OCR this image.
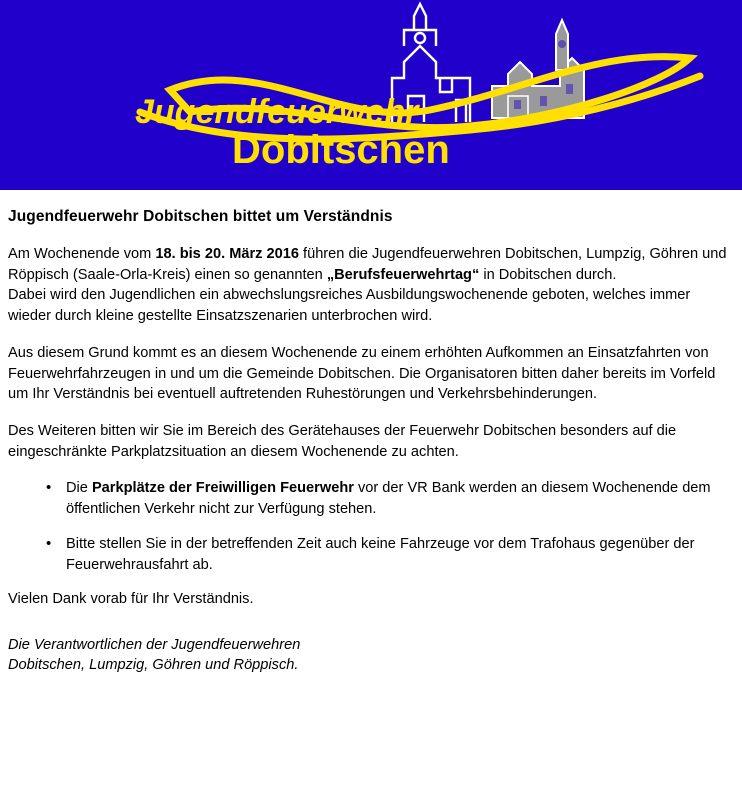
Jugendfeuerwehr
Dobitschen
Jugendfeuerwehr Dobitschen bittet um Verständnis

Am Wochenende vom 18. bis 20. März 2016 führen die Jugendfeuerwehren Dobitschen, Lumpzig, Göhren und Röppisch (Saale-Orla-Kreis) einen so genannten „Berufsfeuerwehrtag“ in Dobitschen durch.

Dabei wird den Jugendlichen ein abwechslungsreiches Ausbildungswochenende geboten, welches immer wieder durch kleine gestellte Einsatzszenarien unterbrochen wird.

Aus diesem Grund kommt es an diesem Wochenende zu einem erhöhten Aufkommen an Einsatzfahrten von Feuerwehrfahrzeugen in und um die Gemeinde Dobitschen. Die Organisatoren bitten daher bereits im Vorfeld um Ihr Verständnis bei eventuell auftretenden Ruhestörungen und Verkehrsbehinderungen.

Des Weiteren bitten wir Sie im Bereich des Gerätehauses der Feuerwehr Dobitschen besonders auf die eingeschränkte Parkplatzsituation an diesem Wochenende zu achten.

• Die Parkplätze der Freiwilligen Feuerwehr vor der VR Bank werden an diesem Wochenende dem öffentlichen Verkehr nicht zur Verfügung stehen.
• Bitte stellen Sie in der betreffenden Zeit auch keine Fahrzeuge vor dem Trafohaus gegenüber der Feuerwehrausfahrt ab.

Vielen Dank vorab für Ihr Verständnis.

Die Verantwortlichen der Jugendfeuerwehren

Dobitschen, Lumpzig, Göhren und Röppisch.
